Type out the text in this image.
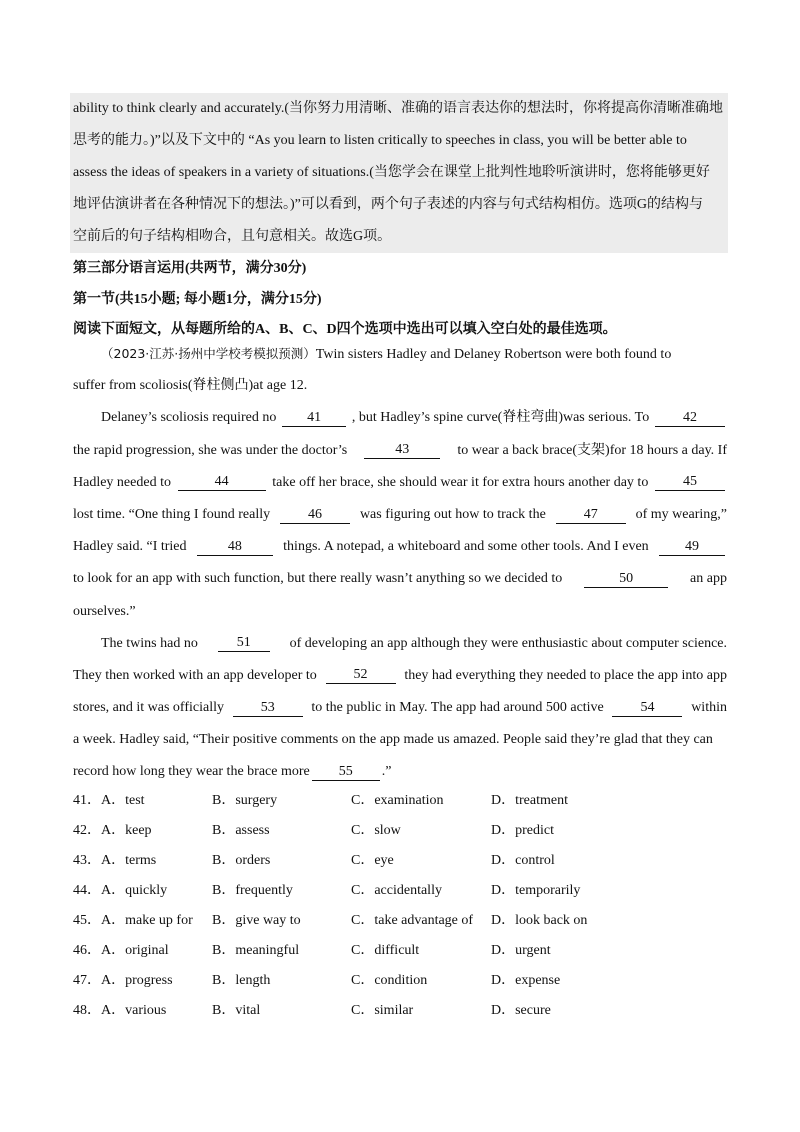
ability to think clearly and accurately.(当你努力用清晰、准确的语言表达你的想法时，你将提高你清晰准确地

思考的能力。)”以及下文中的 “As you learn to listen critically to speeches in class, you will be better able to

assess the ideas of speakers in a variety of situations.(当您学会在课堂上批判性地聆听演讲时，您将能够更好

地评估演讲者在各种情况下的想法。)”可以看到，两个句子表述的内容与句式结构相仿。选项G的结构与

空前后的句子结构相吻合，且句意相关。故选G项。

第三部分语言运用(共两节，满分30分)
第一节(共15小题; 每小题1分，满分15分)
阅读下面短文，从每题所给的A、B、C、D四个选项中选出可以填入空白处的最佳选项。
（2023·江苏·扬州中学校考模拟预测）Twin sisters Hadley and Delaney Robertson were both found to
suffer from scoliosis(脊柱侧凸)at age 12.
Delaney’s scoliosis required no	41	, but Hadley’s spine curve(脊柱弯曲)was serious. To	42
the rapid progression, she was under the doctor’s	43	to wear a back brace(支架)for 18 hours a day. If
Hadley needed to	44	take off her brace, she should wear it for extra hours another day to	45
lost time. “One thing I found really	46	was figuring out how to track the	47	of my wearing,”
Hadley said. “I tried	48	things. A notepad, a whiteboard and some other tools. And I even	49
to look for an app with such function, but there really wasn’t anything so we decided to	50	an app
ourselves.”
The twins had no	51	of developing an app although they were enthusiastic about computer science.
They then worked with an app developer to	52	they had everything they needed to place the app into app
stores, and it was officially	53	to the public in May. The app had around 500 active	54	within
a week. Hadley said, “Their positive comments on the app made us amazed. People said they’re glad that they can
record how long they wear the brace more	55	.”
41．A．test	B．surgery	C．examination	D．treatment
42．A．keep	B．assess	C．slow	D．predict
43．A．terms	B．orders	C．eye	D．control
44．A．quickly	B．frequently	C．accidentally	D．temporarily
45．A．make up for B．give way to	C．take advantage of D．look back on
46．A．original	B．meaningful	C．difficult	D．urgent
47．A．progress	B．length	C．condition	D．expense
48．A．various	B．vital	C．similar	D．secure
